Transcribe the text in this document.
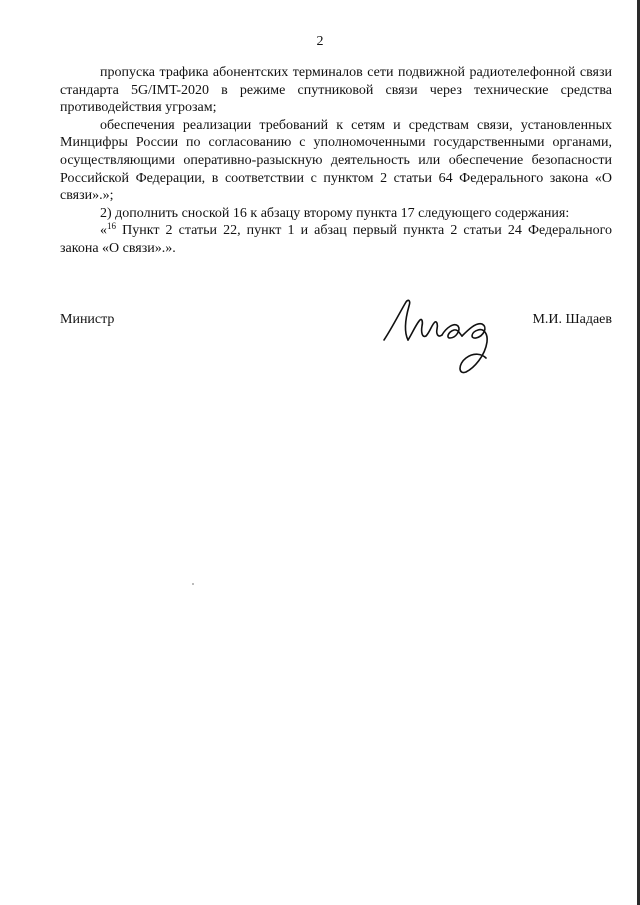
2

пропуска трафика абонентских терминалов сети подвижной радиотелефонной связи стандарта 5G/IMT-2020 в режиме спутниковой связи через технические средства противодействия угрозам;

обеспечения реализации требований к сетям и средствам связи, установленных Минцифры России по согласованию с уполномоченными государственными органами, осуществляющими оперативно-разыскную деятельность или обеспечение безопасности Российской Федерации, в соответствии с пунктом 2 статьи 64 Федерального закона «О связи».»;

2) дополнить сноской 16 к абзацу второму пункта 17 следующего содержания:

«$^{16}$ Пункт 2 статьи 22, пункт 1 и абзац первый пункта 2 статьи 24 Федерального закона «О связи».».

Министр	М.И. Шадаев
